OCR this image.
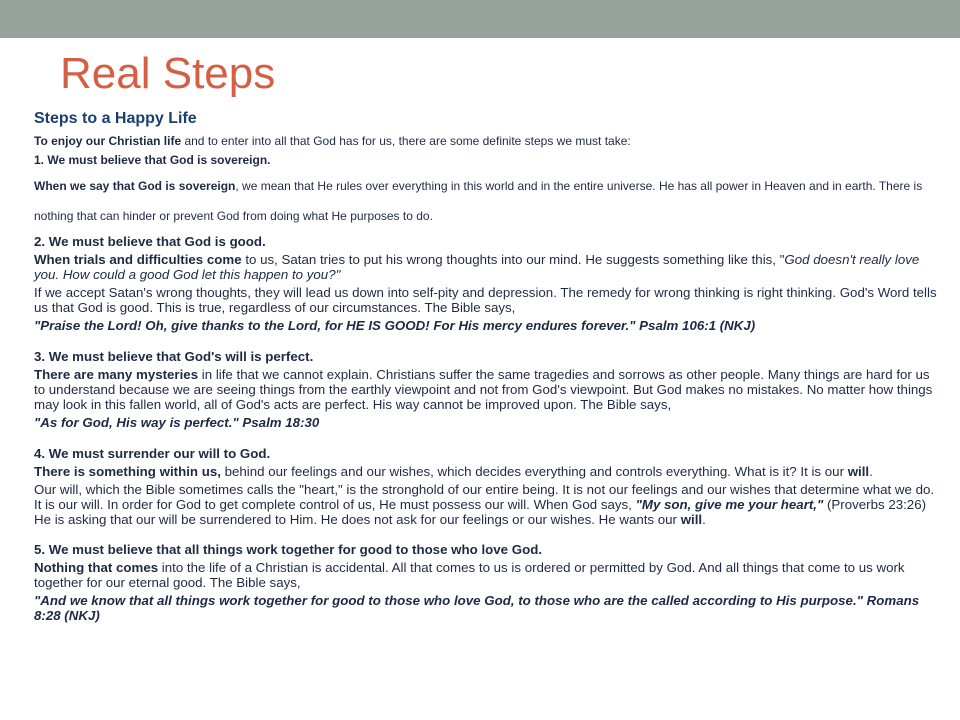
Real Steps
Steps to a Happy Life

To enjoy our Christian life and to enter into all that God has for us, there are some definite steps we must take:

1. We must believe that God is sovereign.

When we say that God is sovereign, we mean that He rules over everything in this world and in the entire universe. He has all power in Heaven and in earth. There is nothing that can hinder or prevent God from doing what He purposes to do.

2. We must believe that God is good.

When trials and difficulties come to us, Satan tries to put his wrong thoughts into our mind. He suggests something like this, "God doesn't really love you. How could a good God let this happen to you?"

If we accept Satan's wrong thoughts, they will lead us down into self-pity and depression. The remedy for wrong thinking is right thinking. God's Word tells us that God is good. This is true, regardless of our circumstances. The Bible says,

"Praise the Lord! Oh, give thanks to the Lord, for HE IS GOOD! For His mercy endures forever." Psalm 106:1 (NKJ)

3. We must believe that God's will is perfect.

There are many mysteries in life that we cannot explain. Christians suffer the same tragedies and sorrows as other people. Many things are hard for us to understand because we are seeing things from the earthly viewpoint and not from God's viewpoint. But God makes no mistakes. No matter how things may look in this fallen world, all of God's acts are perfect. His way cannot be improved upon. The Bible says,

"As for God, His way is perfect." Psalm 18:30

4. We must surrender our will to God.

There is something within us, behind our feelings and our wishes, which decides everything and controls everything. What is it? It is our will.

Our will, which the Bible sometimes calls the "heart," is the stronghold of our entire being. It is not our feelings and our wishes that determine what we do. It is our will. In order for God to get complete control of us, He must possess our will. When God says, "My son, give me your heart," (Proverbs 23:26) He is asking that our will be surrendered to Him. He does not ask for our feelings or our wishes. He wants our will.

5. We must believe that all things work together for good to those who love God.

Nothing that comes into the life of a Christian is accidental. All that comes to us is ordered or permitted by God. And all things that come to us work together for our eternal good. The Bible says,

"And we know that all things work together for good to those who love God, to those who are the called according to His purpose." Romans 8:28 (NKJ)
